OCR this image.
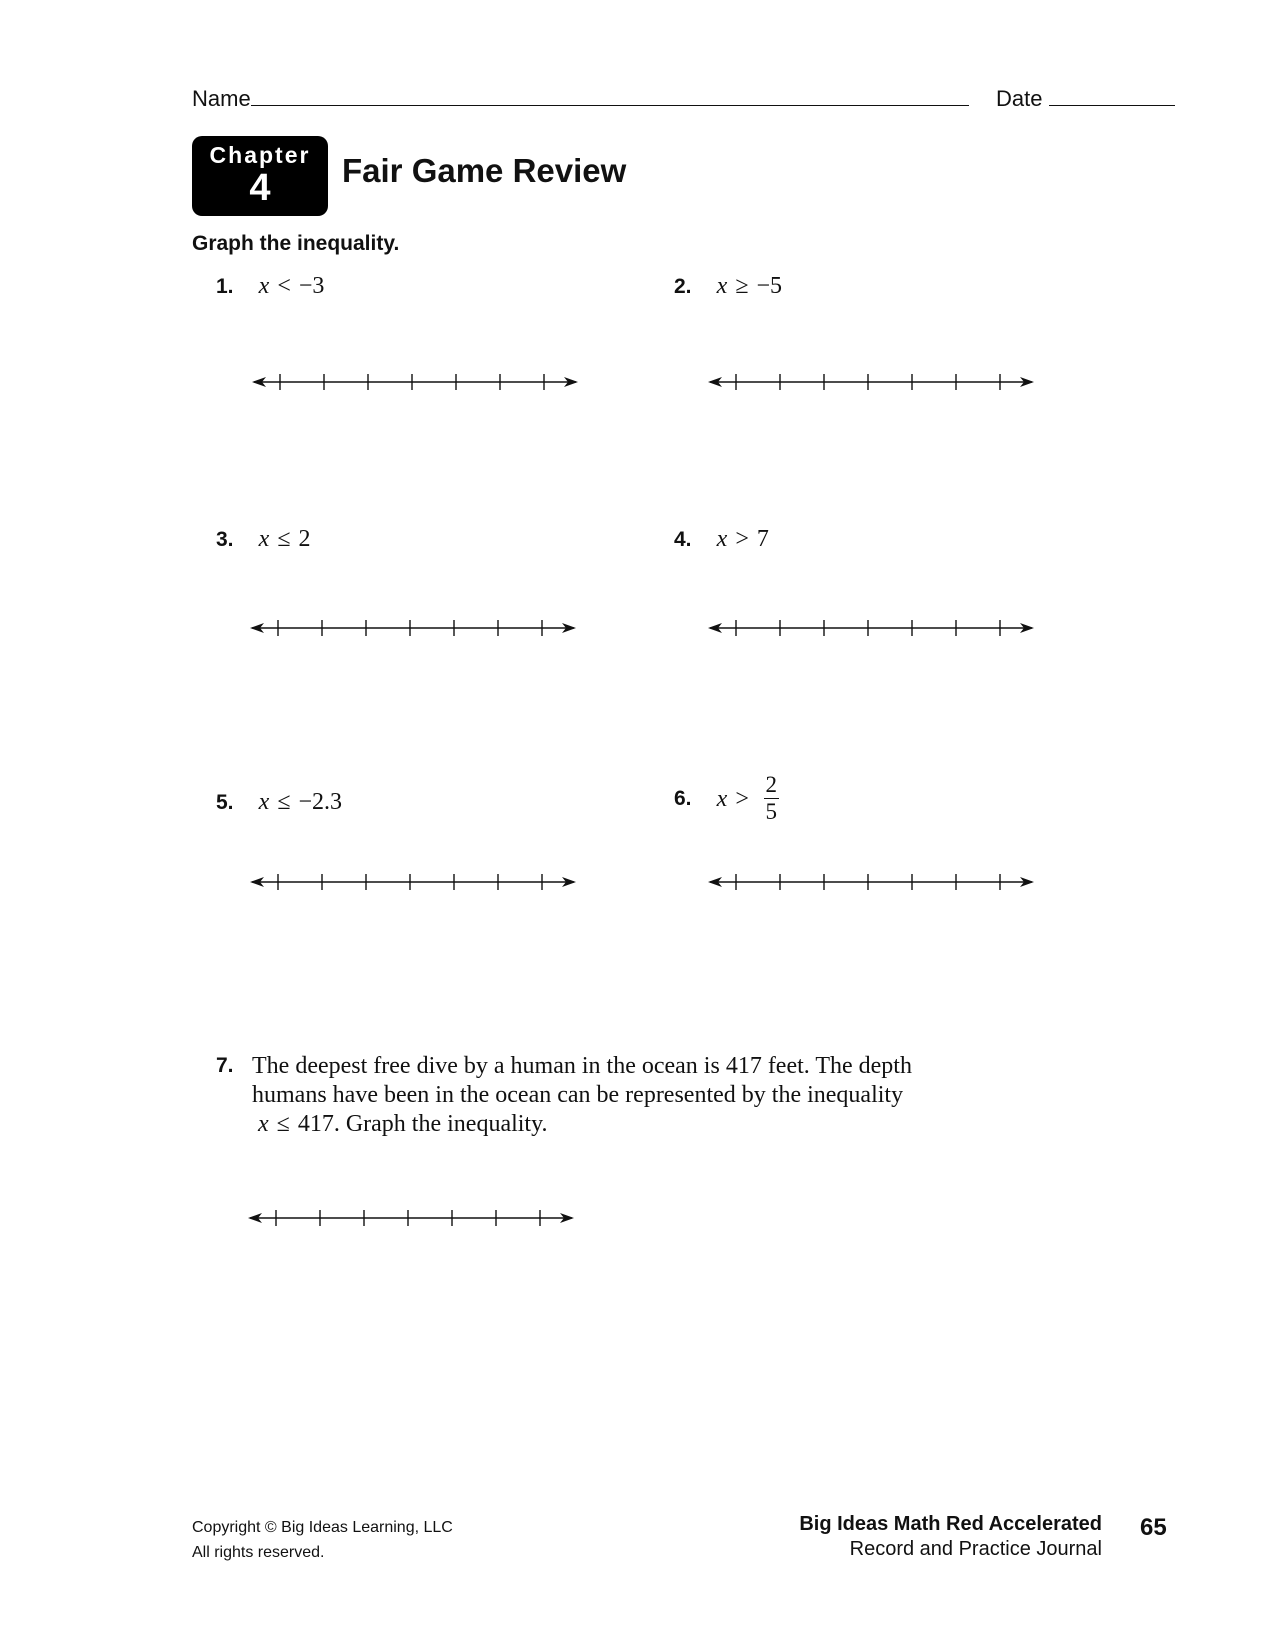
Name	Date
Chapter
4	Fair Game Review
Graph the inequality.
1. x < −3	2. x ≥ −5
3. x ≤ 2	4. x > 7
5. x ≤ −2.3	6. $x > \frac{2}{5}$
7. The deepest free dive by a human in the ocean is 417 feet. The depth
humans have been in the ocean can be represented by the inequality
x ≤ 417. Graph the inequality.
Copyright © Big Ideas Learning, LLC
All rights reserved.
Big Ideas Math Red Accelerated
Record and Practice Journal
65
